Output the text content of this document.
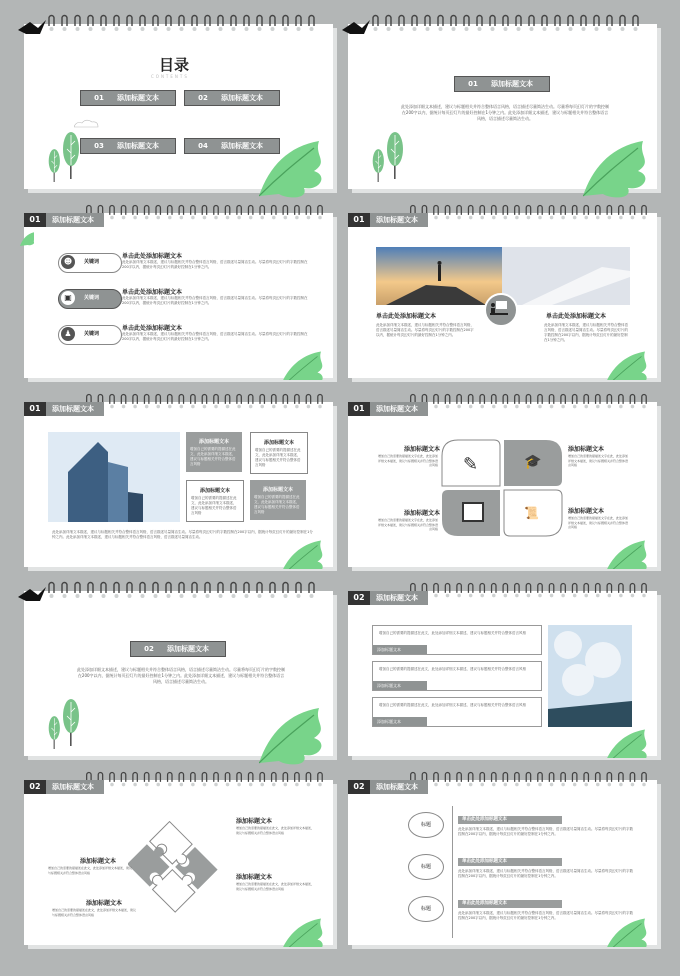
目录
CONTENTS
01 添加标题文本	02 添加标题文本
03 添加标题文本	04 添加标题文本
01 添加标题文本
此处添加详细文本描述，建议与标题相关并符合整体语言风格，语言描述尽量简洁生动。尽量将每页幻灯片的字数控制在200字以内，据统计每页幻灯片的最好控制在1分钟之内。此处添加详细文本描述，建议与标题相关并符合整体语言风格，语言描述尽量简洁生动。
01 添加标题文本
☻	关键词
单击此处添加标题文本
此处添加详细文本描述，建议与标题相关并符合整体语言风格，语言描述尽量简洁生动。尽量将每页幻灯片的字数控制在200字以内，据统计每页幻灯片的最好控制在1分钟之内。
▣	关键词
单击此处添加标题文本
此处添加详细文本描述，建议与标题相关并符合整体语言风格，语言描述尽量简洁生动。尽量将每页幻灯片的字数控制在200字以内，据统计每页幻灯片的最好控制在1分钟之内。
♟	关键词
单击此处添加标题文本
此处添加详细文本描述，建议与标题相关并符合整体语言风格，语言描述尽量简洁生动。尽量将每页幻灯片的字数控制在200字以内，据统计每页幻灯片的最好控制在1分钟之内。
01 添加标题文本
单击此处添加标题文本
此处添加详细文本描述，建议与标题相关并符合整体语言风格，语言描述尽量简洁生动。尽量将每页幻灯片的字数控制在200字以内，据统计每页幻灯片的最好控制在1分钟之内。
单击此处添加标题文本
此处添加详细文本描述，建议与标题相关并符合整体语言风格，语言描述尽量简洁生动。尽量将每页幻灯片的字数控制在200字以内，据统计每页幻灯片的最好控制在1分钟之内。
01 添加标题文本
添加标题文本
增加自己的需要的提描述在此文，此处添加详细文本描述，建议与标题相关并符合整体语言风格
添加标题文本
增加自己的需要的提描述在此文，此处添加详细文本描述，建议与标题相关并符合整体语言风格
添加标题文本
增加自己的需要的提描述在此文，此处添加详细文本描述，建议与标题相关并符合整体语言风格
添加标题文本
增加自己的需要的提描述在此文，此处添加详细文本描述，建议与标题相关并符合整体语言风格
此处添加详细文本描述，建议与标题相关并符合整体语言风格，语言描述尽量简洁生动。尽量将每页幻灯片的字数控制在200字以内，据统计每页幻灯片的最好控制在1分钟之内。此处添加详细文本描述，建议与标题相关并符合整体语言风格，语言描述尽量简洁生动。
01 添加标题文本
✎	🎓
📜
添加标题文本
增加自己的需要的提描述文字在此，此处添加详细文本描述，建议与标题相关并符合整体语言风格
添加标题文本
增加自己的需要的提描述文字在此，此处添加详细文本描述，建议与标题相关并符合整体语言风格
添加标题文本
增加自己的需要的提描述文字在此，此处添加详细文本描述，建议与标题相关并符合整体语言风格
添加标题文本
增加自己的需要的提描述文字在此，此处添加详细文本描述，建议与标题相关并符合整体语言风格
02 添加标题文本
此处添加详细文本描述，建议与标题相关并符合整体语言风格，语言描述尽量简洁生动。尽量将每页幻灯片的字数控制在200字以内，据统计每页幻灯片的最好控制在1分钟之内。此处添加详细文本描述，建议与标题相关并符合整体语言风格，语言描述尽量简洁生动。
02 添加标题文本
增加自己的需要的提描述在此文，此处添加详细文本描述，建议与标题相关并符合整体语言风格
添加标题文本
增加自己的需要的提描述在此文，此处添加详细文本描述，建议与标题相关并符合整体语言风格
添加标题文本
增加自己的需要的提描述在此文，此处添加详细文本描述，建议与标题相关并符合整体语言风格
添加标题文本
02 添加标题文本
添加标题文本
增加自己的需要的提描述在此文，此处添加详细文本描述，建议与标题相关并符合整体语言风格
添加标题文本
增加自己的需要的提描述在此文，此处添加详细文本描述，建议与标题相关并符合整体语言风格
添加标题文本
增加自己的需要的提描述在此文，此处添加详细文本描述，建议与标题相关并符合整体语言风格
添加标题文本
增加自己的需要的提描述在此文，此处添加详细文本描述，建议与标题相关并符合整体语言风格
02 添加标题文本
标题
单击此处添加标题文本
此处添加详细文本描述，建议与标题相关并符合整体语言风格，语言描述尽量简洁生动。尽量将每页幻灯片的字数控制在200字以内，据统计每页幻灯片的最好控制在1分钟之内。
标题
单击此处添加标题文本
此处添加详细文本描述，建议与标题相关并符合整体语言风格，语言描述尽量简洁生动。尽量将每页幻灯片的字数控制在200字以内，据统计每页幻灯片的最好控制在1分钟之内。
标题
单击此处添加标题文本
此处添加详细文本描述，建议与标题相关并符合整体语言风格，语言描述尽量简洁生动。尽量将每页幻灯片的字数控制在200字以内，据统计每页幻灯片的最好控制在1分钟之内。
